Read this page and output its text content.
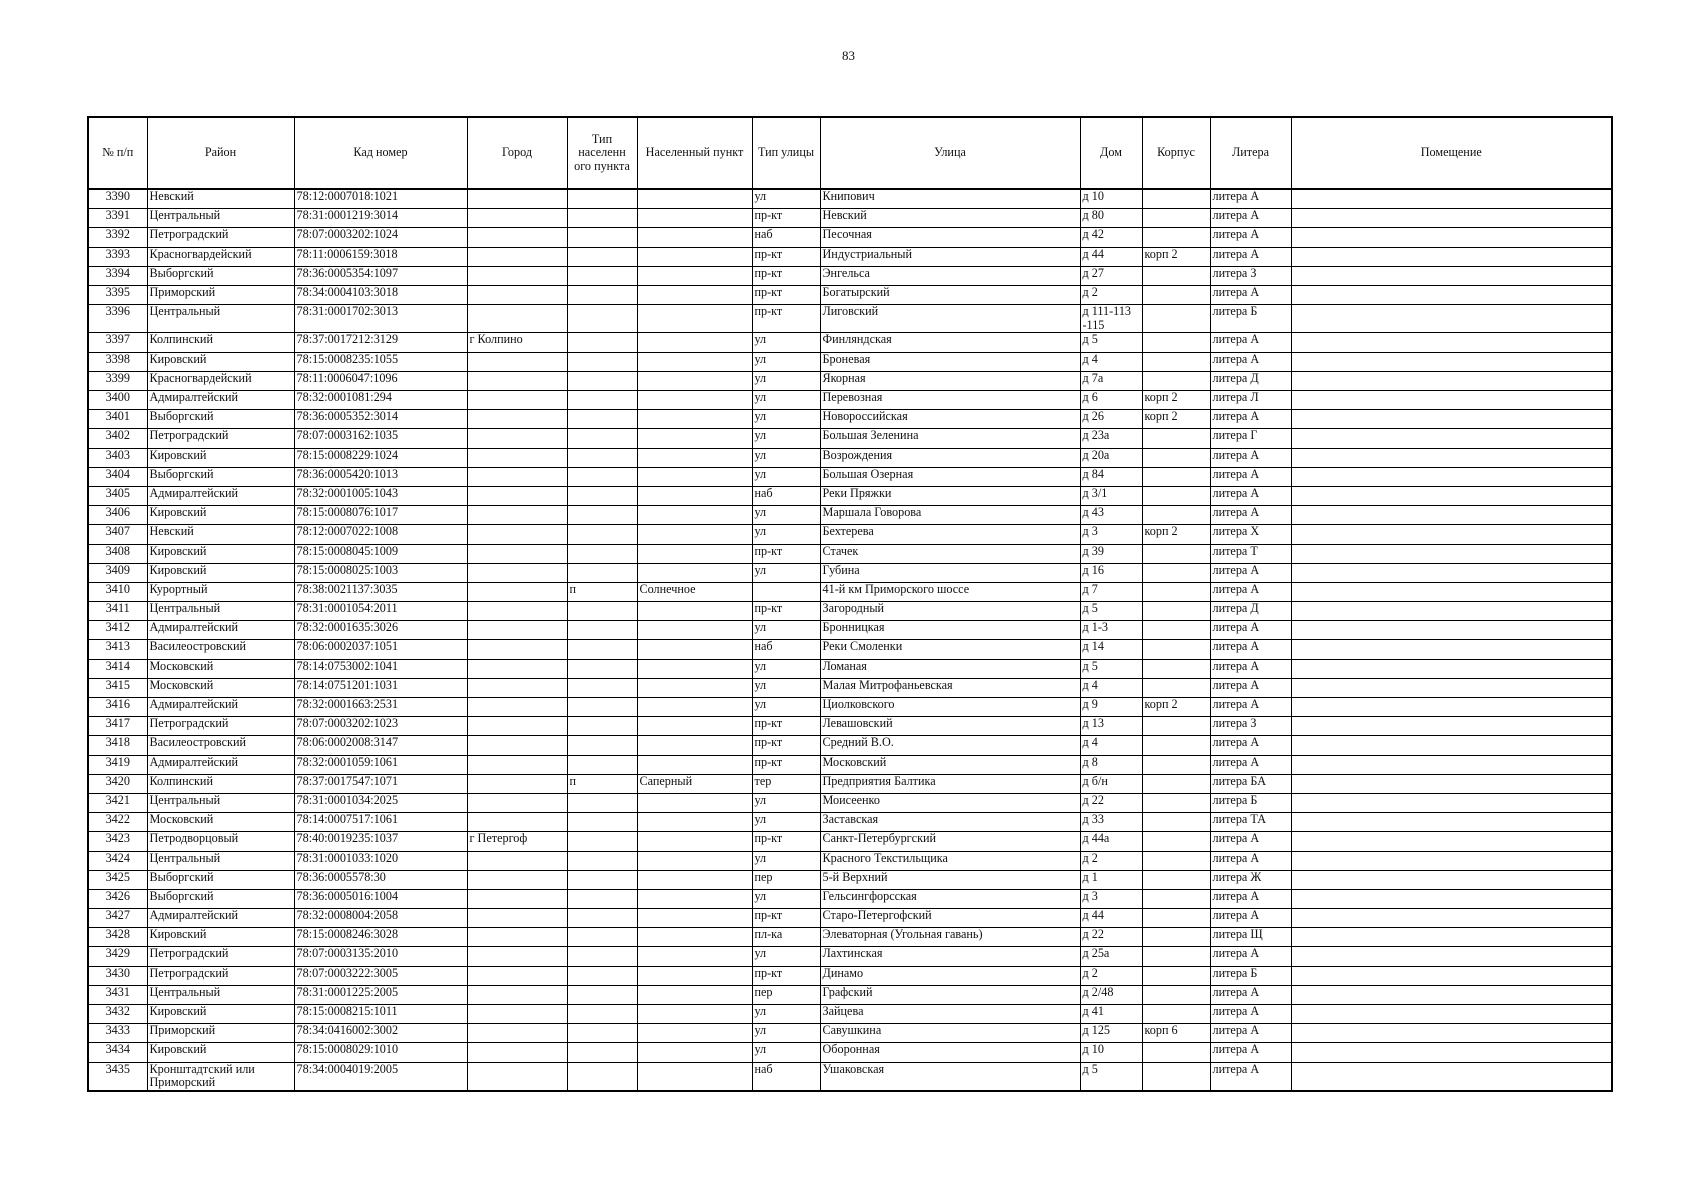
83
№ п/п	Район	Кад номер	Город	Тип населенн ого пункта	Населенный пункт	Тип улицы	Улица	Дом	Корпус	Литера	Помещение
3390	Невский	78:12:0007018:1021				ул	Книпович	д 10		литера А	
3391	Центральный	78:31:0001219:3014				пр-кт	Невский	д 80		литера А	
3392	Петроградский	78:07:0003202:1024				наб	Песочная	д 42		литера А	
3393	Красногвардейский	78:11:0006159:3018				пр-кт	Индустриальный	д 44	корп 2	литера А	
3394	Выборгский	78:36:0005354:1097				пр-кт	Энгельса	д 27		литера З	
3395	Приморский	78:34:0004103:3018				пр-кт	Богатырский	д 2		литера А	
3396	Центральный	78:31:0001702:3013				пр-кт	Лиговский	д 111-113 -115		литера Б	
3397	Колпинский	78:37:0017212:3129	г Колпино			ул	Финляндская	д 5		литера А	
3398	Кировский	78:15:0008235:1055				ул	Броневая	д 4		литера А	
3399	Красногвардейский	78:11:0006047:1096				ул	Якорная	д 7а		литера Д	
3400	Адмиралтейский	78:32:0001081:294				ул	Перевозная	д 6	корп 2	литера Л	
3401	Выборгский	78:36:0005352:3014				ул	Новороссийская	д 26	корп 2	литера А	
3402	Петроградский	78:07:0003162:1035				ул	Большая Зеленина	д 23а		литера Г	
3403	Кировский	78:15:0008229:1024				ул	Возрождения	д 20а		литера А	
3404	Выборгский	78:36:0005420:1013				ул	Большая Озерная	д 84		литера А	
3405	Адмиралтейский	78:32:0001005:1043				наб	Реки Пряжки	д 3/1		литера А	
3406	Кировский	78:15:0008076:1017				ул	Маршала Говорова	д 43		литера А	
3407	Невский	78:12:0007022:1008				ул	Бехтерева	д 3	корп 2	литера Х	
3408	Кировский	78:15:0008045:1009				пр-кт	Стачек	д 39		литера Т	
3409	Кировский	78:15:0008025:1003				ул	Губина	д 16		литера А	
3410	Курортный	78:38:0021137:3035		п	Солнечное		41-й км Приморского шоссе	д 7		литера А	
3411	Центральный	78:31:0001054:2011				пр-кт	Загородный	д 5		литера Д	
3412	Адмиралтейский	78:32:0001635:3026				ул	Бронницкая	д 1-3		литера А	
3413	Василеостровский	78:06:0002037:1051				наб	Реки Смоленки	д 14		литера А	
3414	Московский	78:14:0753002:1041				ул	Ломаная	д 5		литера А	
3415	Московский	78:14:0751201:1031				ул	Малая Митрофаньевская	д 4		литера А	
3416	Адмиралтейский	78:32:0001663:2531				ул	Циолковского	д 9	корп 2	литера А	
3417	Петроградский	78:07:0003202:1023				пр-кт	Левашовский	д 13		литера З	
3418	Василеостровский	78:06:0002008:3147				пр-кт	Средний В.О.	д 4		литера А	
3419	Адмиралтейский	78:32:0001059:1061				пр-кт	Московский	д 8		литера А	
3420	Колпинский	78:37:0017547:1071		п	Саперный	тер	Предприятия Балтика	д б/н		литера БА	
3421	Центральный	78:31:0001034:2025				ул	Моисеенко	д 22		литера Б	
3422	Московский	78:14:0007517:1061				ул	Заставская	д 33		литера ТА	
3423	Петродворцовый	78:40:0019235:1037	г Петергоф			пр-кт	Санкт-Петербургский	д 44а		литера А	
3424	Центральный	78:31:0001033:1020				ул	Красного Текстильщика	д 2		литера А	
3425	Выборгский	78:36:0005578:30				пер	5-й Верхний	д 1		литера Ж	
3426	Выборгский	78:36:0005016:1004				ул	Гельсингфорсская	д 3		литера А	
3427	Адмиралтейский	78:32:0008004:2058				пр-кт	Старо-Петергофский	д 44		литера А	
3428	Кировский	78:15:0008246:3028				пл-ка	Элеваторная (Угольная гавань)	д 22		литера Щ	
3429	Петроградский	78:07:0003135:2010				ул	Лахтинская	д 25а		литера А	
3430	Петроградский	78:07:0003222:3005				пр-кт	Динамо	д 2		литера Б	
3431	Центральный	78:31:0001225:2005				пер	Графский	д 2/48		литера А	
3432	Кировский	78:15:0008215:1011				ул	Зайцева	д 41		литера А	
3433	Приморский	78:34:0416002:3002				ул	Савушкина	д 125	корп 6	литера А	
3434	Кировский	78:15:0008029:1010				ул	Оборонная	д 10		литера А	
3435	Кронштадтский или Приморский	78:34:0004019:2005				наб	Ушаковская	д 5		литера А	
